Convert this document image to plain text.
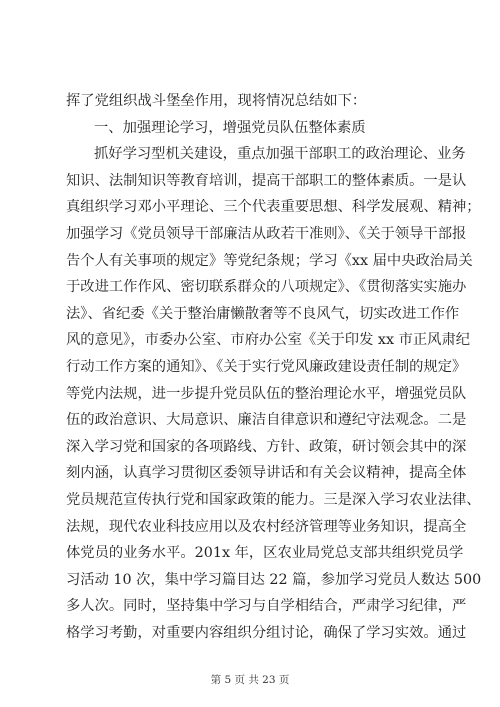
挥了党组织战斗堡垒作用，现将情况总结如下：
一、加强理论学习，增强党员队伍整体素质
抓好学习型机关建设，重点加强干部职工的政治理论、业务
知识、法制知识等教育培训，提高干部职工的整体素质。一是认
真组织学习邓小平理论、三个代表重要思想、科学发展观、精神；
加强学习《党员领导干部廉洁从政若干准则》、《关于领导干部报
告个人有关事项的规定》等党纪条规；学习《xx 届中央政治局关
于改进工作作风、密切联系群众的八项规定》、《贯彻落实实施办
法》、省纪委《关于整治庸懒散奢等不良风气，切实改进工作作
风的意见》，市委办公室、市府办公室《关于印发 xx 市正风肃纪
行动工作方案的通知》、《关于实行党风廉政建设责任制的规定》
等党内法规，进一步提升党员队伍的整治理论水平，增强党员队
伍的政治意识、大局意识、廉洁自律意识和遵纪守法观念。二是
深入学习党和国家的各项路线、方针、政策，研讨领会其中的深
刻内涵，认真学习贯彻区委领导讲话和有关会议精神，提高全体
党员规范宣传执行党和国家政策的能力。三是深入学习农业法律、
法规，现代农业科技应用以及农村经济管理等业务知识，提高全
体党员的业务水平。201x 年，区农业局党总支部共组织党员学
习活动 10 次，集中学习篇目达 22 篇，参加学习党员人数达 500
多人次。同时，坚持集中学习与自学相结合，严肃学习纪律，严
格学习考勤，对重要内容组织分组讨论，确保了学习实效。通过
第 5 页 共 23 页
